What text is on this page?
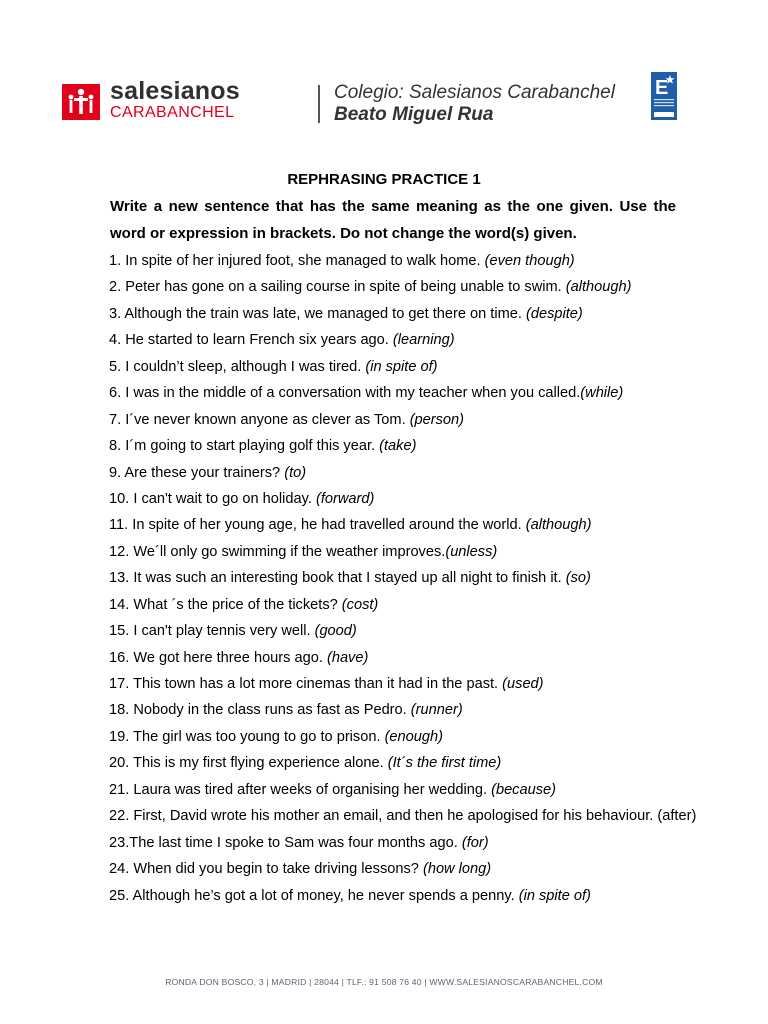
salesianos
CARABANCHEL
Colegio: Salesianos Carabanchel
Beato Miguel Rua
E
REPHRASING PRACTICE 1
Write a new sentence that has the same meaning as the one given. Use the
word or expression in brackets. Do not change the word(s) given.
1. In spite of her injured foot, she managed to walk home. (even though)
2. Peter has gone on a sailing course in spite of being unable to swim. (although)
3. Although the train was late, we managed to get there on time. (despite)
4. He started to learn French six years ago. (learning)
5. I couldn’t sleep, although I was tired. (in spite of)
6. I was in the middle of a conversation with my teacher when you called.(while)
7. I´ve never known anyone as clever as Tom. (person)
8. I´m going to start playing golf this year. (take)
9. Are these your trainers? (to)
10. I can't wait to go on holiday. (forward)
11. In spite of her young age, he had travelled around the world. (although)
12. We´ll only go swimming if the weather improves.(unless)
13. It was such an interesting book that I stayed up all night to finish it. (so)
14. What ´s the price of the tickets? (cost)
15. I can't play tennis very well. (good)
16. We got here three hours ago. (have)
17. This town has a lot more cinemas than it had in the past. (used)
18. Nobody in the class runs as fast as Pedro. (runner)
19. The girl was too young to go to prison. (enough)
20. This is my first flying experience alone. (It´s the first time)
21. Laura was tired after weeks of organising her wedding. (because)
22. First, David wrote his mother an email, and then he apologised for his behaviour. (after)
23.The last time I spoke to Sam was four months ago. (for)
24. When did you begin to take driving lessons? (how long)
25. Although he’s got a lot of money, he never spends a penny. (in spite of)
RONDA DON BOSCO, 3 | MADRID | 28044 | TLF.: 91 508 76 40 | WWW.SALESIANOSCARABANCHEL.COM
